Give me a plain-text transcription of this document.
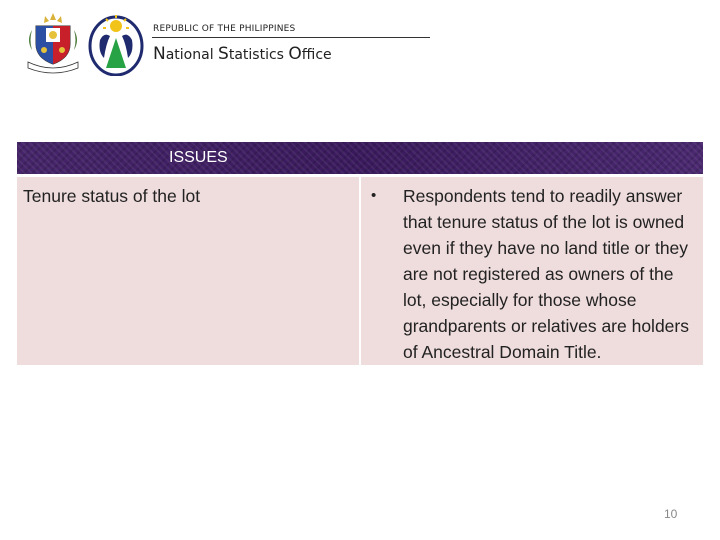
REPUBLIC OF THE PHILIPPINES
National Statistics Office
ISSUES

Tenure status of the lot	• Respondents tend to readily answer that tenure status of the lot is owned even if they have no land title or they are not registered as owners of the lot, especially for those whose grandparents or relatives are holders of Ancestral Domain Title.
10
